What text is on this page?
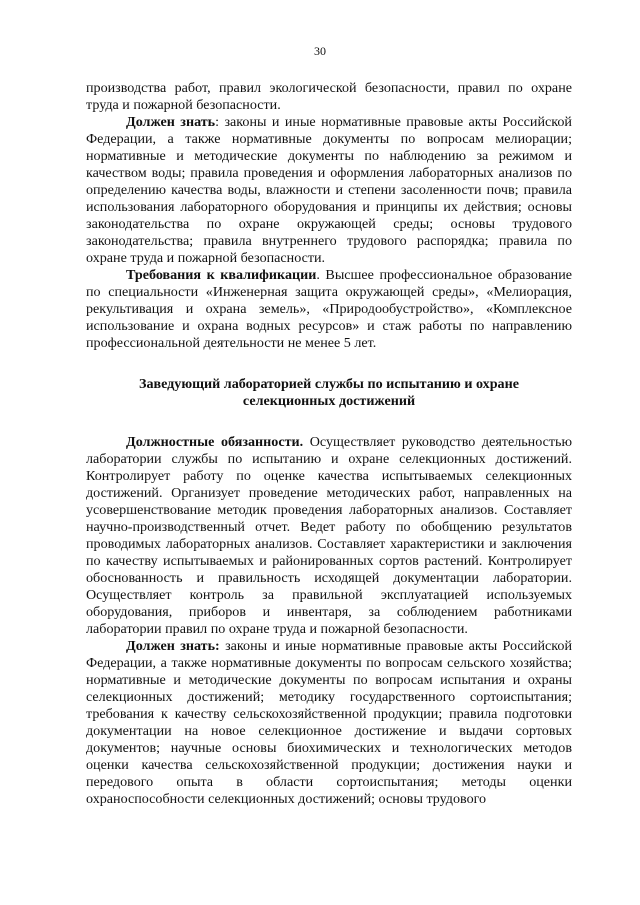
30

производства работ, правил экологической безопасности, правил по охране труда и пожарной безопасности.

Должен знать: законы и иные нормативные правовые акты Российской Федерации, а также нормативные документы по вопросам мелиорации; нормативные и методические документы по наблюдению за режимом и качеством воды; правила проведения и оформления лабораторных анализов по определению качества воды, влажности и степени засоленности почв; правила использования лабораторного оборудования и принципы их действия; основы законодательства по охране окружающей среды; основы трудового законодательства; правила внутреннего трудового распорядка; правила по охране труда и пожарной безопасности.

Требования к квалификации. Высшее профессиональное образование по специальности «Инженерная защита окружающей среды», «Мелиорация, рекультивация и охрана земель», «Природообустройство», «Комплексное использование и охрана водных ресурсов» и стаж работы по направлению профессиональной деятельности не менее 5 лет.

Заведующий лабораторией службы по испытанию и охране
селекционных достижений

Должностные обязанности. Осуществляет руководство деятельностью лаборатории службы по испытанию и охране селекционных достижений. Контролирует работу по оценке качества испытываемых селекционных достижений. Организует проведение методических работ, направленных на усовершенствование методик проведения лабораторных анализов. Составляет научно-производственный отчет. Ведет работу по обобщению результатов проводимых лабораторных анализов. Составляет характеристики и заключения по качеству испытываемых и районированных сортов растений. Контролирует обоснованность и правильность исходящей документации лаборатории. Осуществляет контроль за правильной эксплуатацией используемых оборудования, приборов и инвентаря, за соблюдением работниками лаборатории правил по охране труда и пожарной безопасности.

Должен знать: законы и иные нормативные правовые акты Российской Федерации, а также нормативные документы по вопросам сельского хозяйства; нормативные и методические документы по вопросам испытания и охраны селекционных достижений; методику государственного сортоиспытания; требования к качеству сельскохозяйственной продукции; правила подготовки документации на новое селекционное достижение и выдачи сортовых документов; научные основы биохимических и технологических методов оценки качества сельскохозяйственной продукции; достижения науки и передового опыта в области сортоиспытания; методы оценки охраноспособности селекционных достижений; основы трудового
